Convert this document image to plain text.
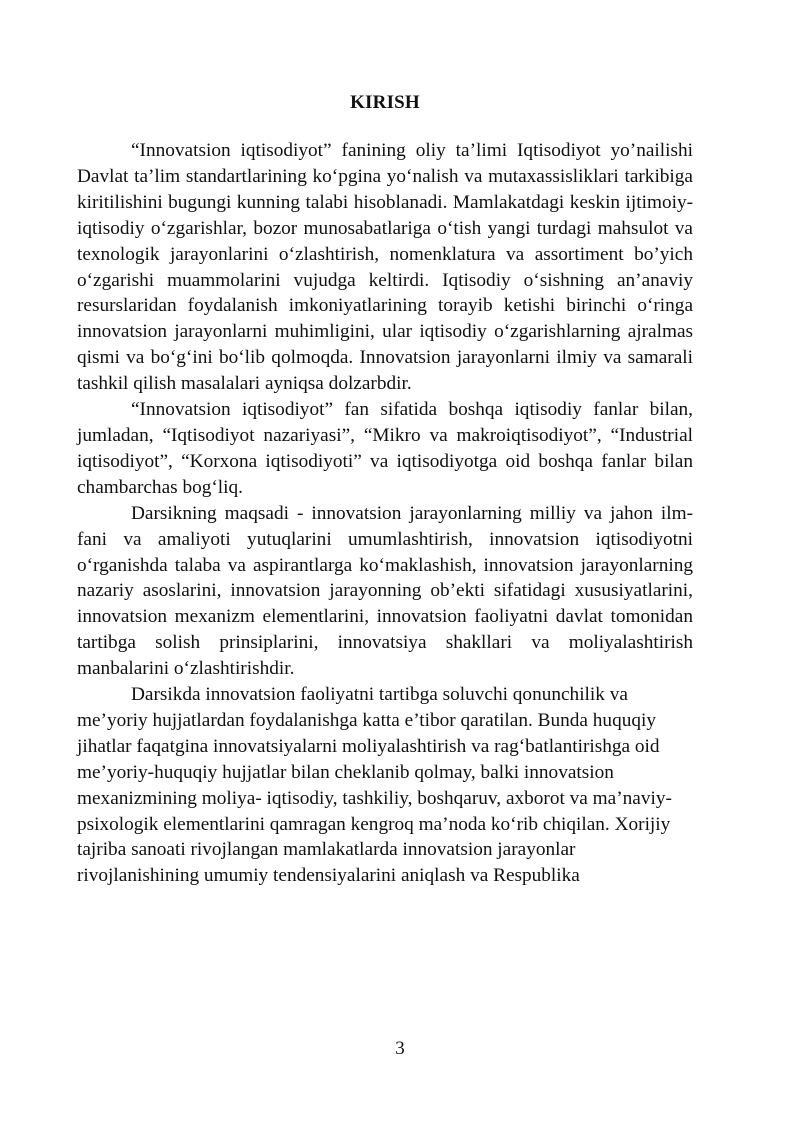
KIRISH

“Innovatsion iqtisodiyot” fanining oliy ta’limi Iqtisodiyot yo’nailishi Davlat ta’lim standartlarining ko‘pgina yo‘nalish va mutaxassisliklari tarkibiga kiritilishini bugungi kunning talabi hisoblanadi. Mamlakatdagi keskin ijtimoiy-iqtisodiy o‘zgarishlar, bozor munosabatlariga o‘tish yangi turdagi mahsulot va texnologik jarayonlarini o‘zlashtirish, nomenklatura va assortiment bo’yich o‘zgarishi muammolarini vujudga keltirdi. Iqtisodiy o‘sishning an’anaviy resurslaridan foydalanish imkoniyatlarining torayib ketishi birinchi o‘ringa innovatsion jarayonlarni muhimligini, ular iqtisodiy o‘zgarishlarning ajralmas qismi va bo‘g‘ini bo‘lib qolmoqda. Innovatsion jarayonlarni ilmiy va samarali tashkil qilish masalalari ayniqsa dolzarbdir.

“Innovatsion iqtisodiyot” fan sifatida boshqa iqtisodiy fanlar bilan, jumladan, “Iqtisodiyot nazariyasi”, “Mikro va makroiqtisodiyot”, “Industrial iqtisodiyot”, “Korxona iqtisodiyoti” va iqtisodiyotga oid boshqa fanlar bilan chambarchas bog‘liq.

Darsikning maqsadi - innovatsion jarayonlarning milliy va jahon ilm-fani va amaliyoti yutuqlarini umumlashtirish, innovatsion iqtisodiyotni o‘rganishda talaba va aspirantlarga ko‘maklashish, innovatsion jarayonlarning nazariy asoslarini, innovatsion jarayonning ob’ekti sifatidagi xususiyatlarini, innovatsion mexanizm elementlarini, innovatsion faoliyatni davlat tomonidan tartibga solish prinsiplarini, innovatsiya shakllari va moliyalashtirish manbalarini o‘zlashtirishdir.

Darsikda innovatsion faoliyatni tartibga soluvchi qonunchilik va me’yoriy hujjatlardan foydalanishga katta e’tibor qaratilan. Bunda huquqiy jihatlar faqatgina innovatsiyalarni moliyalashtirish va rag‘batlantirishga oid me’yoriy-huquqiy hujjatlar bilan cheklanib qolmay, balki innovatsion mexanizmining moliya- iqtisodiy, tashkiliy, boshqaruv, axborot va ma’naviy-psixologik elementlarini qamragan kengroq ma’noda ko‘rib chiqilan. Xorijiy tajriba sanoati rivojlangan mamlakatlarda innovatsion jarayonlar rivojlanishining umumiy tendensiyalarini aniqlash va Respublika

3
